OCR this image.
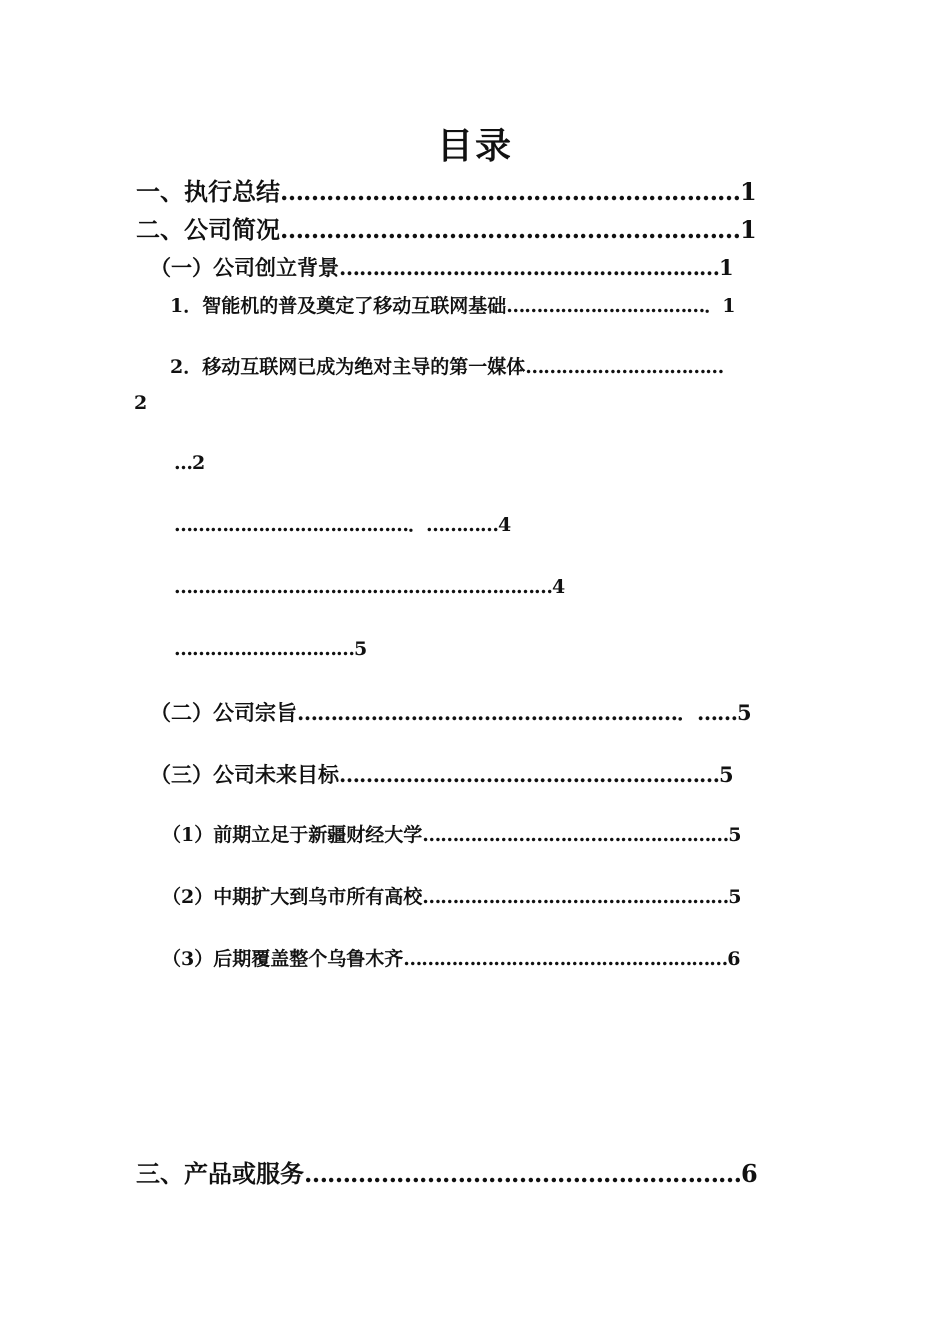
目录
一、执行总结……………………………………………………1
二、公司简况……………………………………………………1
（一）公司创立背景…………………………………………………1
1．智能机的普及奠定了移动互联网基础……………………………．1
2．移动互联网已成为绝对主导的第一媒体……………………………
2
…2
…………………………………．…………4
………………………………………………………4
…………………………5
（二）公司宗旨…………………………………………………．……5
（三）公司未来目标…………………………………………………5
（1）前期立足于新疆财经大学……………………………………………5
（2）中期扩大到乌市所有高校……………………………………………5
（3）后期覆盖整个乌鲁木齐………………………………………………6
三、产品或服务…………………………………………………6
